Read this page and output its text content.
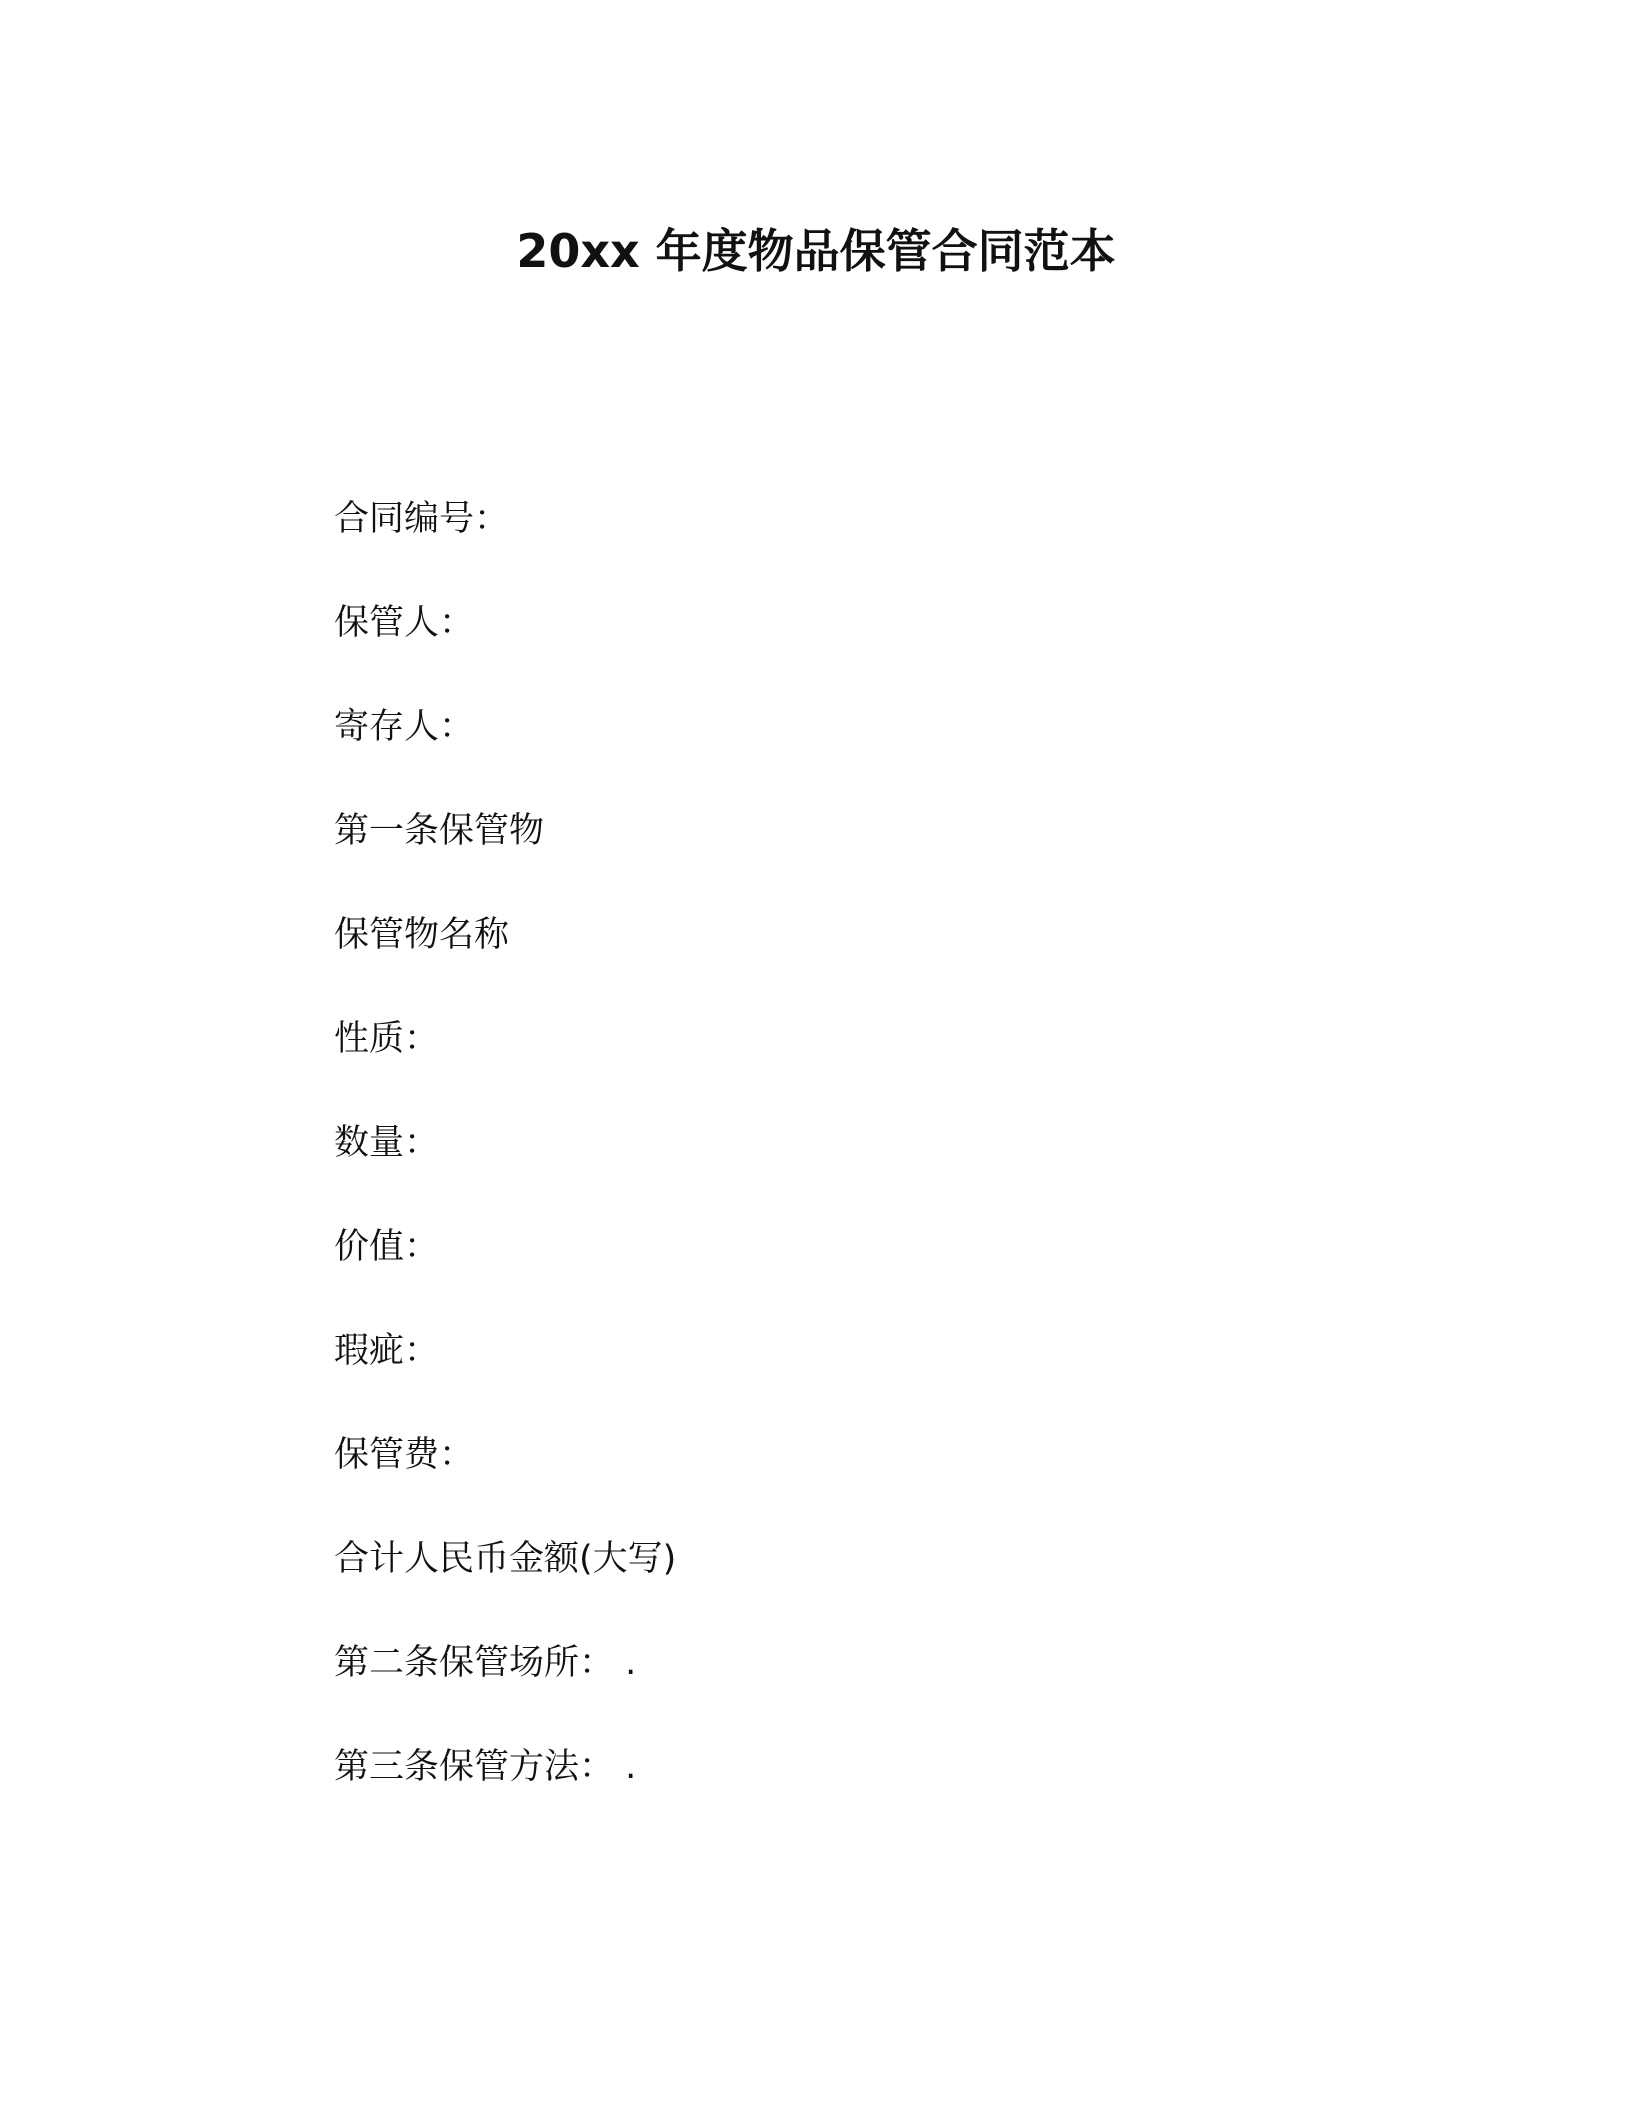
20xx 年度物品保管合同范本
合同编号：
保管人：
寄存人：
第一条保管物
保管物名称
性质：
数量：
价值：
瑕疵：
保管费：
合计人民币金额(大写)
第二条保管场所： .
第三条保管方法： .
